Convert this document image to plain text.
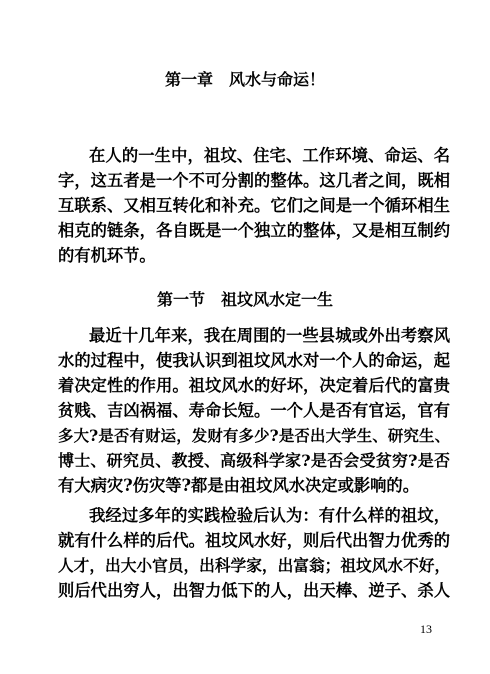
第一章　风水与命运！
在人的一生中，祖坟、住宅、工作环境、命运、名
字，这五者是一个不可分割的整体。这几者之间，既相
互联系、又相互转化和补充。它们之间是一个循环相生
相克的链条，各自既是一个独立的整体，又是相互制约
的有机环节。
第一节　祖坟风水定一生
最近十几年来，我在周围的一些县城或外出考察风
水的过程中，使我认识到祖坟风水对一个人的命运，起
着决定性的作用。祖坟风水的好坏，决定着后代的富贵
贫贱、吉凶祸福、寿命长短。一个人是否有官运，官有
多大?是否有财运，发财有多少?是否出大学生、研究生、
博士、研究员、教授、高级科学家?是否会受贫穷?是否
有大病灾?伤灾等?都是由祖坟风水决定或影响的。
我经过多年的实践检验后认为：有什么样的祖坟，
就有什么样的后代。祖坟风水好，则后代出智力优秀的
人才，出大小官员，出科学家，出富翁；祖坟风水不好，
则后代出穷人，出智力低下的人，出天棒、逆子、杀人
13
